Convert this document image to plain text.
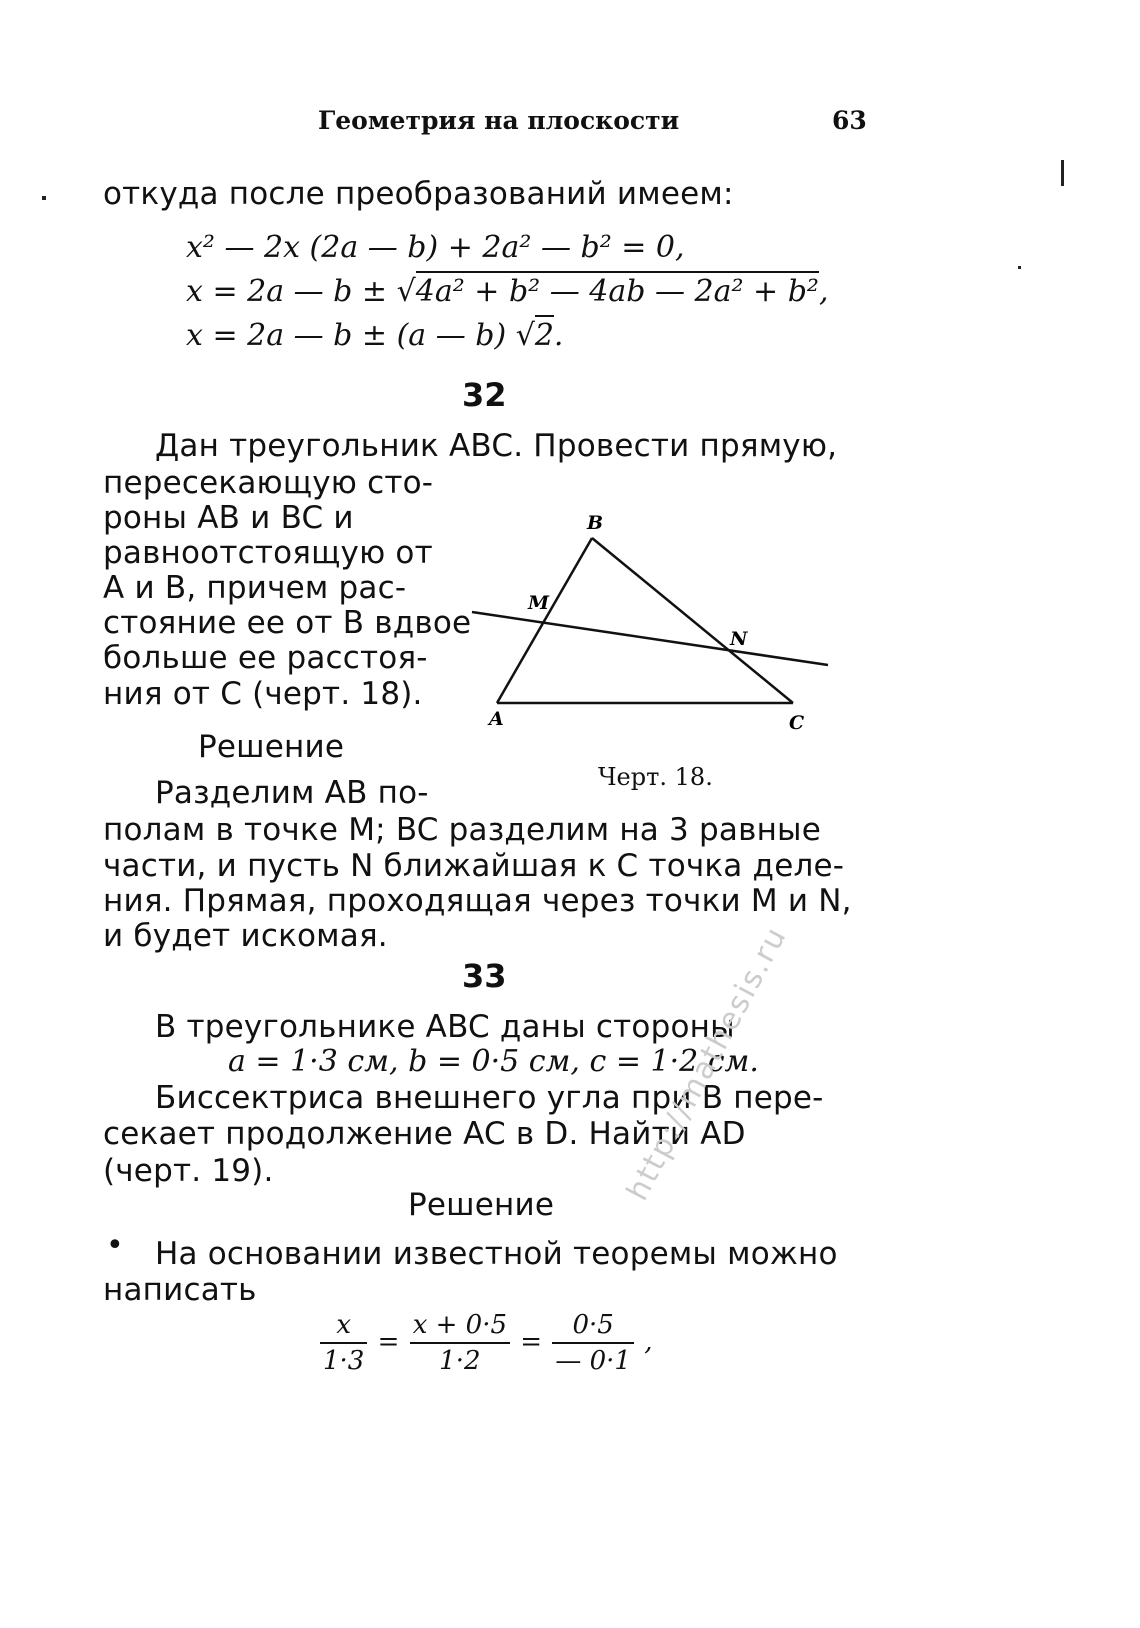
Геометрия на плоскости	63
откуда после преобразований имеем:
x² — 2x (2a — b) + 2a² — b² = 0,
x = 2a — b ± √4a² + b² — 4ab — 2a² + b²,
x = 2a — b ± (a — b) √2.
32
Дан треугольник ABC. Провести прямую,
пересекающую сто-
роны AB и BC и
равноотстоящую от
A и B, причем рас-
стояние ее от B вдвое
больше ее расстоя-
ния от C (черт. 18).
B
A	C
M
N
Черт. 18.
Решение
Разделим AB по-
полам в точке M; BC разделим на 3 равные
части, и пусть N ближайшая к C точка деле-
ния. Прямая, проходящая через точки M и N,
и будет искомая.
33
В треугольнике ABC даны стороны
a = 1·3 см, b = 0·5 см, c = 1·2 см.
Биссектриса внешнего угла при B пере-
секает продолжение AC в D. Найти AD
(черт. 19).
Решение
• На основании известной теоремы можно
написать
$\frac{x}{1\cdot 3} = \frac{x + 0\cdot 5}{1\cdot 2} = \frac{0\cdot 5}{— 0\cdot 1}$ ,
http://mathesis.ru
